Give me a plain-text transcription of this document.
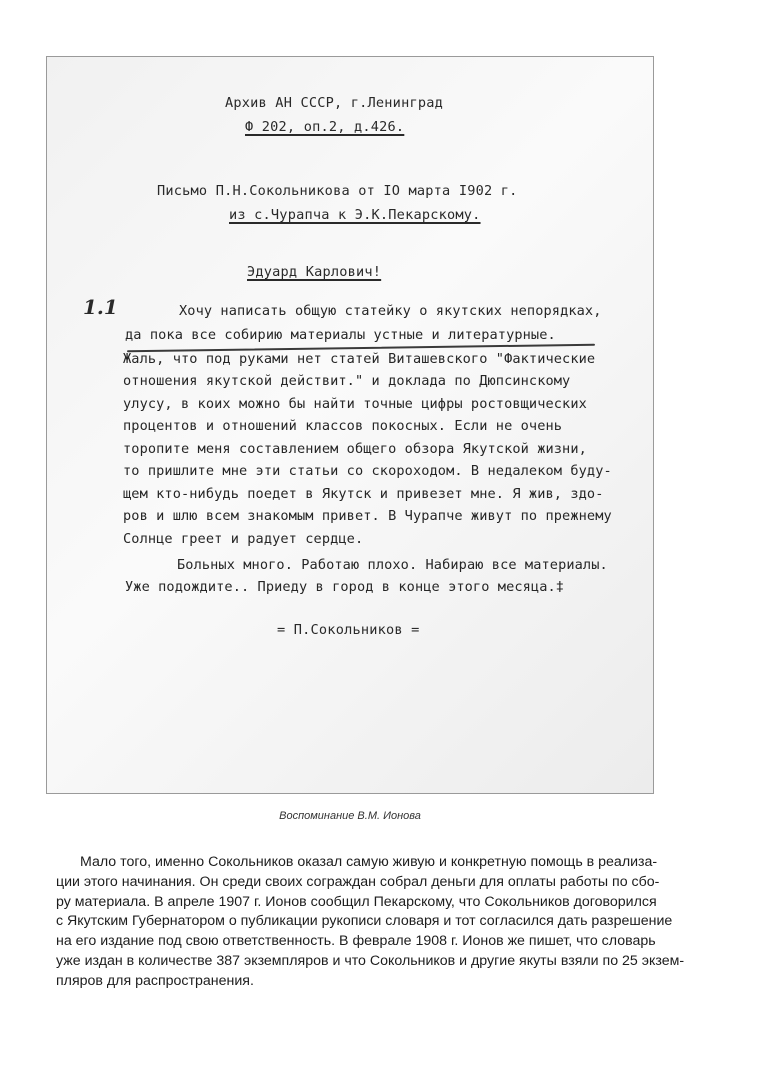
Архив АН СССР, г.Ленинград

Ф 202, оп.2, д.426.

Письмо П.Н.Сокольникова от IO марта I902 г.

из с.Чурапча к Э.К.Пекарскому.

Эдуард Карлович!

1.1	Хочу написать общую статейку о якутских непорядках,

да пока все собирию материалы устные и литературные.

Жаль, что под руками нет статей Виташевского "Фактические

отношения якутской действит." и доклада по Дюпсинскому

улусу, в коих можно бы найти точные цифры ростовщических

процентов и отношений классов покосных. Если не очень

торопите меня составлением общего обзора Якутской жизни,

то пришлите мне эти статьи со скороходом. В недалеком буду-

щем кто-нибудь поедет в Якутск и привезет мне. Я жив, здо-

ров и шлю всем знакомым привет. В Чурапче живут по прежнему

Солнце греет и радует сердце.

Больных много. Работаю плохо. Набираю все материалы.

Уже подождите.. Приеду в город в конце этого месяца.‡

= П.Сокольников =

Воспоминание В.М. Ионова

Мало того, именно Сокольников оказал самую живую и конкретную помощь в реализа-
ции этого начинания. Он среди своих сограждан собрал деньги для оплаты работы по сбо-
ру материала. В апреле 1907 г. Ионов сообщил Пекарскому, что Сокольников договорился
с Якутским Губернатором о публикации рукописи словаря и тот согласился дать разрешение
на его издание под свою ответственность. В феврале 1908 г. Ионов же пишет, что словарь
уже издан в количестве 387 экземпляров и что Сокольников и другие якуты взяли по 25 экзем-
пляров для распространения.
